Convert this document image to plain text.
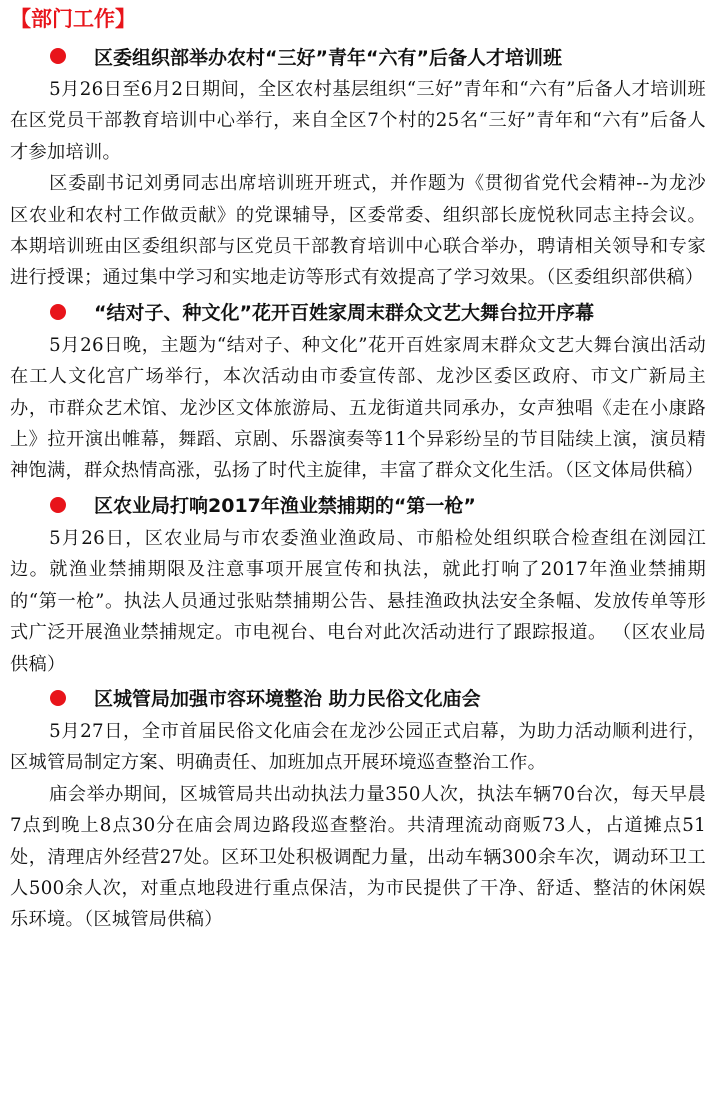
【部门工作】
区委组织部举办农村“三好”青年“六有”后备人才培训班

5月26日至6月2日期间，全区农村基层组织“三好”青年和“六有”后备人才培训班在区党员干部教育培训中心举行，来自全区7个村的25名“三好”青年和“六有”后备人才参加培训。

区委副书记刘勇同志出席培训班开班式，并作题为《贯彻省党代会精神--为龙沙区农业和农村工作做贡献》的党课辅导，区委常委、组织部长庞悦秋同志主持会议。本期培训班由区委组织部与区党员干部教育培训中心联合举办，聘请相关领导和专家进行授课；通过集中学习和实地走访等形式有效提高了学习效果。（区委组织部供稿）

“结对子、种文化”花开百姓家周末群众文艺大舞台拉开序幕

5月26日晚，主题为“结对子、种文化”花开百姓家周末群众文艺大舞台演出活动在工人文化宫广场举行，本次活动由市委宣传部、龙沙区委区政府、市文广新局主办，市群众艺术馆、龙沙区文体旅游局、五龙街道共同承办，女声独唱《走在小康路上》拉开演出帷幕，舞蹈、京剧、乐器演奏等11个异彩纷呈的节目陆续上演，演员精神饱满，群众热情高涨，弘扬了时代主旋律，丰富了群众文化生活。（区文体局供稿）

区农业局打响2017年渔业禁捕期的“第一枪”

5月26日，区农业局与市农委渔业渔政局、市船检处组织联合检查组在浏园江边。就渔业禁捕期限及注意事项开展宣传和执法，就此打响了2017年渔业禁捕期的“第一枪”。执法人员通过张贴禁捕期公告、悬挂渔政执法安全条幅、发放传单等形式广泛开展渔业禁捕规定。市电视台、电台对此次活动进行了跟踪报道。 （区农业局供稿）

区城管局加强市容环境整治 助力民俗文化庙会

5月27日，全市首届民俗文化庙会在龙沙公园正式启幕，为助力活动顺利进行，区城管局制定方案、明确责任、加班加点开展环境巡查整治工作。

庙会举办期间，区城管局共出动执法力量350人次，执法车辆70台次，每天早晨7点到晚上8点30分在庙会周边路段巡查整治。共清理流动商贩73人，占道摊点51处，清理店外经营27处。区环卫处积极调配力量，出动车辆300余车次，调动环卫工人500余人次，对重点地段进行重点保洁，为市民提供了干净、舒适、整洁的休闲娱乐环境。（区城管局供稿）
